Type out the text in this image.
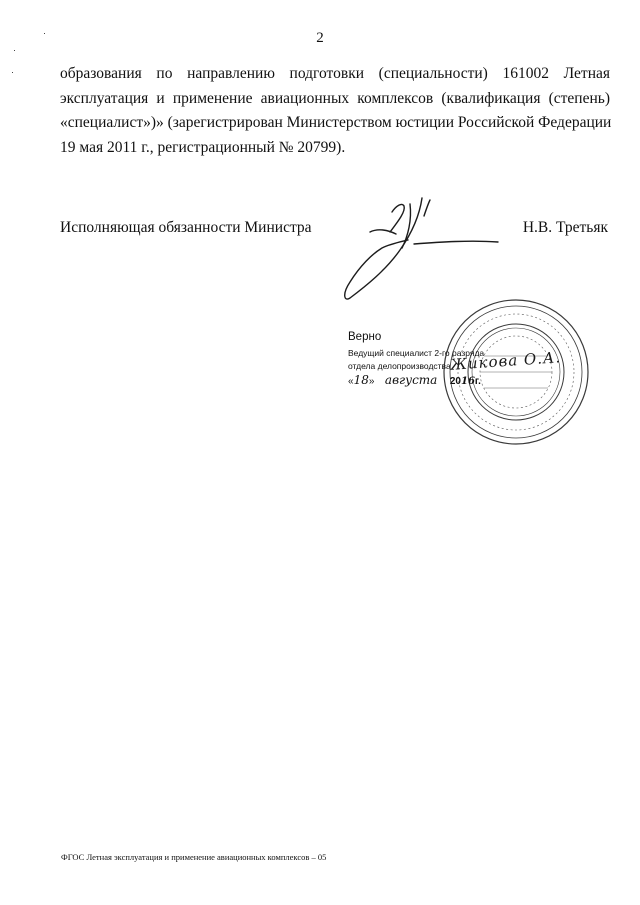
2
образования по направлению подготовки (специальности) 161002 Летная
эксплуатация и применение авиационных комплексов (квалификация (степень)
«специалист»)» (зарегистрирован Министерством юстиции Российской Федерации
19 мая 2011 г., регистрационный № 20799).
Исполняющая обязанности Министра	Н.В. Третьяк
Верно
Ведущий специалист 2-го разряда
отдела делопроизводства
«18» августа 2016г.
Жикова О.А.
ФГОС Летная эксплуатация и применение авиационных комплексов – 05
